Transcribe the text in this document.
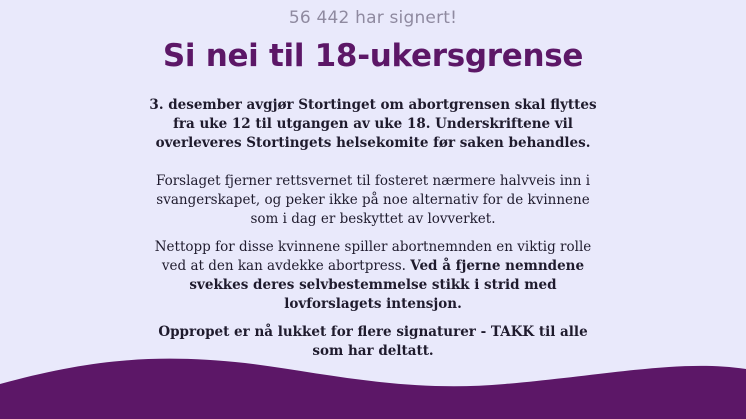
56 442 har signert!
Si nei til 18-ukersgrense

3. desember avgjør Stortinget om abortgrensen skal flyttes fra uke 12 til utgangen av uke 18. Underskriftene vil overleveres Stortingets helsekomite før saken behandles.

Forslaget fjerner rettsvernet til fosteret nærmere halvveis inn i svangerskapet, og peker ikke på noe alternativ for de kvinnene som i dag er beskyttet av lovverket.

Nettopp for disse kvinnene spiller abortnemnden en viktig rolle ved at den kan avdekke abortpress. Ved å fjerne nemndene svekkes deres selvbestemmelse stikk i strid med lovforslagets intensjon.

Oppropet er nå lukket for flere signaturer - TAKK til alle som har deltatt.
